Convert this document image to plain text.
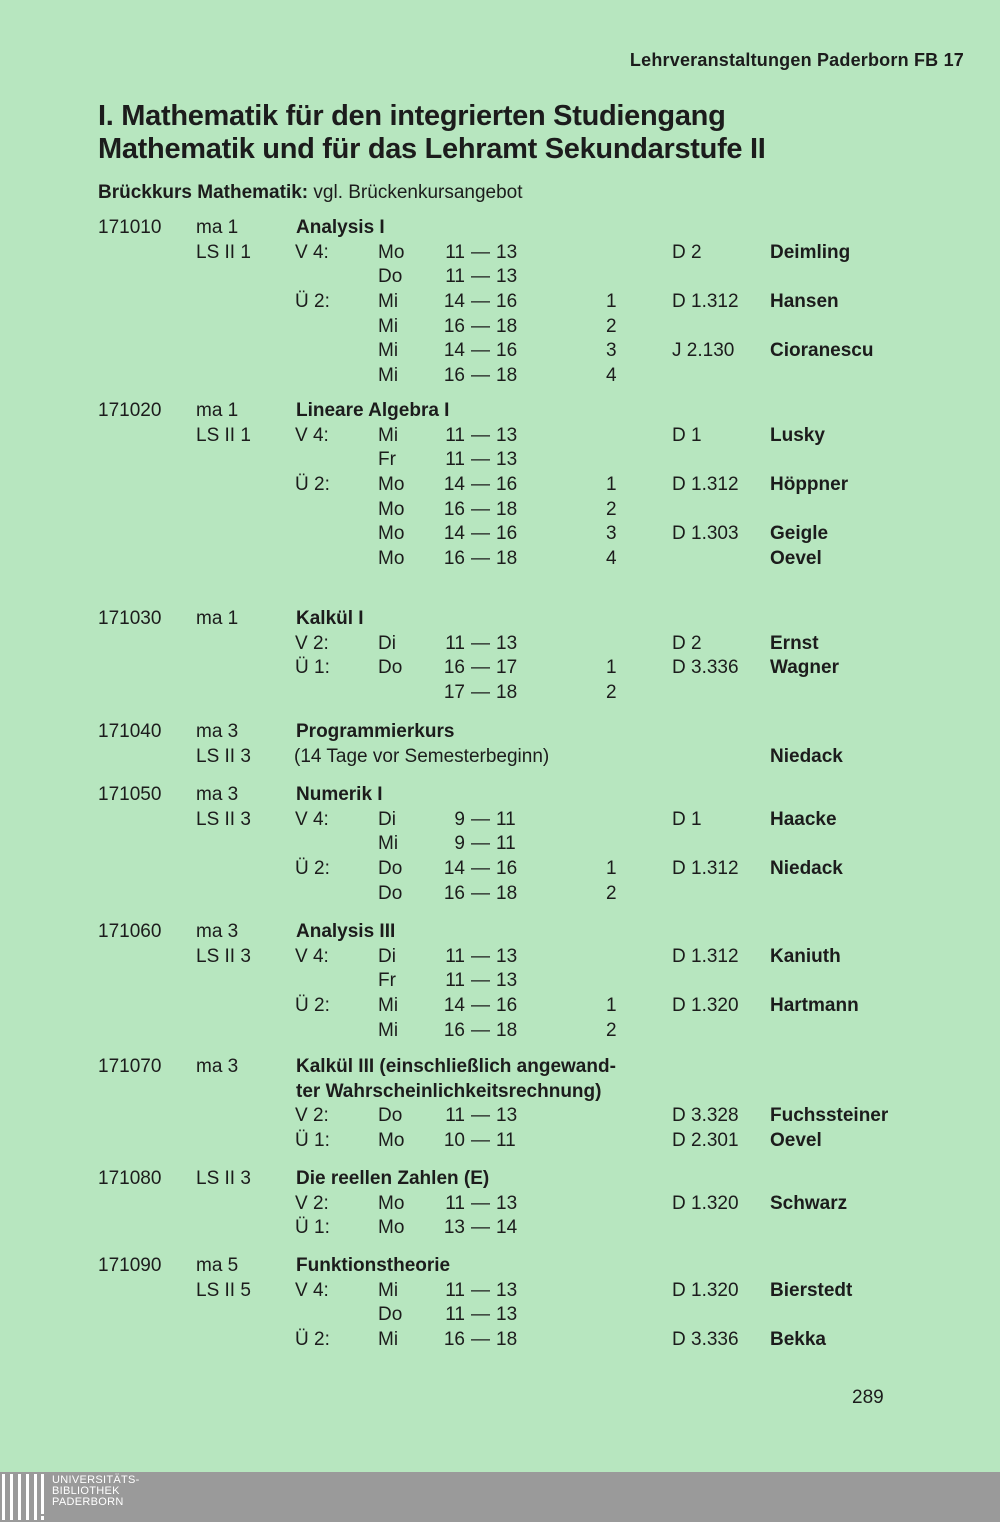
Lehrveranstaltungen Paderborn FB 17
I. Mathematik für den integrierten Studiengang
Mathematik und für das Lehramt Sekundarstufe II
Brückkurs Mathematik: vgl. Brückenkursangebot
171010 ma 1	Analysis I
LS II 1 V 4:	Mo 11 — 13	D 2	Deimling
Do 11 — 13
Ü 2:	Mi 14 — 16	1	D 1.312 Hansen
Mi 16 — 18	2
Mi 14 — 16	3	J 2.130 Cioranescu
Mi 16 — 18	4
171020 ma 1	Lineare Algebra I
LS II 1 V 4:	Mi 11 — 13	D 1	Lusky
Fr	11 — 13
Ü 2:	Mo 14 — 16	1	D 1.312 Höppner
Mo 16 — 18	2
Mo 14 — 16	3	D 1.303 Geigle
Mo 16 — 18	4	Oevel
171030 ma 1	Kalkül I
V 2:	Di	11 — 13	D 2	Ernst
Ü 1:	Do 16 — 17	1	D 3.336 Wagner
17 — 18	2
171040 ma 3	Programmierkurs
LS II 3 (14 Tage vor Semesterbeginn)	Niedack
171050 ma 3	Numerik I
LS II 3 V 4:	Di	9 — 11	D 1	Haacke
Mi	9 — 11
Ü 2:	Do 14 — 16	1	D 1.312 Niedack
Do 16 — 18	2
171060 ma 3	Analysis III
LS II 3 V 4:	Di	11 — 13	D 1.312 Kaniuth
Fr	11 — 13
Ü 2:	Mi 14 — 16	1	D 1.320 Hartmann
Mi 16 — 18	2
171070 ma 3	Kalkül III (einschließlich angewand-
ter Wahrscheinlichkeitsrechnung)
V 2:	Do 11 — 13	D 3.328 Fuchssteiner
Ü 1:	Mo 10 — 11	D 2.301 Oevel
171080 LS II 3 Die reellen Zahlen (E)
V 2:	Mo 11 — 13	D 1.320 Schwarz
Ü 1:	Mo 13 — 14
171090 ma 5	Funktionstheorie
LS II 5 V 4:	Mi 11 — 13	D 1.320 Bierstedt
Do 11 — 13
Ü 2:	Mi 16 — 18	D 3.336 Bekka
289
UNIVERSITÄTS-
BIBLIOTHEK
PADERBORN
